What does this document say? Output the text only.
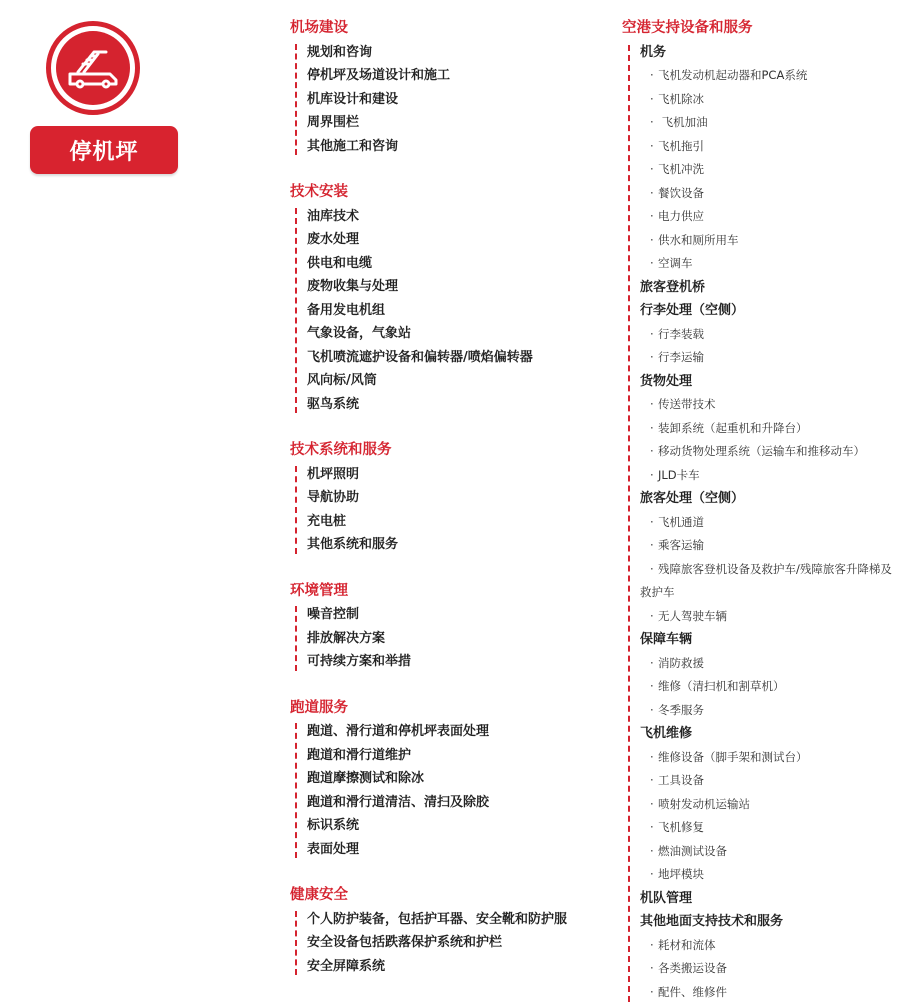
停机坪
机场建设
规划和咨询
停机坪及场道设计和施工
机库设计和建设
周界围栏
其他施工和咨询
技术安装
油库技术
废水处理
供电和电缆
废物收集与处理
备用发电机组
气象设备，气象站
飞机喷流遮护设备和偏转器/喷焰偏转器
风向标/风筒
驱鸟系统
技术系统和服务
机坪照明
导航协助
充电桩
其他系统和服务
环境管理
噪音控制
排放解决方案
可持续方案和举措
跑道服务
跑道、滑行道和停机坪表面处理
跑道和滑行道维护
跑道摩擦测试和除冰
跑道和滑行道清洁、清扫及除胶
标识系统
表面处理
健康安全
个人防护装备，包括护耳器、安全靴和防护服
安全设备包括跌落保护系统和护栏
安全屏障系统
空港支持设备和服务
机务
· 飞机发动机起动器和PCA系统
· 飞机除冰
· 飞机加油
· 飞机拖引
· 飞机冲洗
· 餐饮设备
· 电力供应
· 供水和厕所用车
· 空调车
旅客登机桥
行李处理（空侧）
· 行李装载
· 行李运输
货物处理
· 传送带技术
· 装卸系统（起重机和升降台）
· 移动货物处理系统（运输车和推移动车）
· JLD卡车
旅客处理（空侧）
· 飞机通道
· 乘客运输
· 残障旅客登机设备及救护车/残障旅客升降梯及
救护车
· 无人驾驶车辆
保障车辆
· 消防救援
· 维修（清扫机和割草机）
· 冬季服务
飞机维修
· 维修设备（脚手架和测试台）
· 工具设备
· 喷射发动机运输站
· 飞机修复
· 燃油测试设备
· 地坪模块
机队管理
其他地面支持技术和服务
· 耗材和流体
· 各类搬运设备
· 配件、维修件
